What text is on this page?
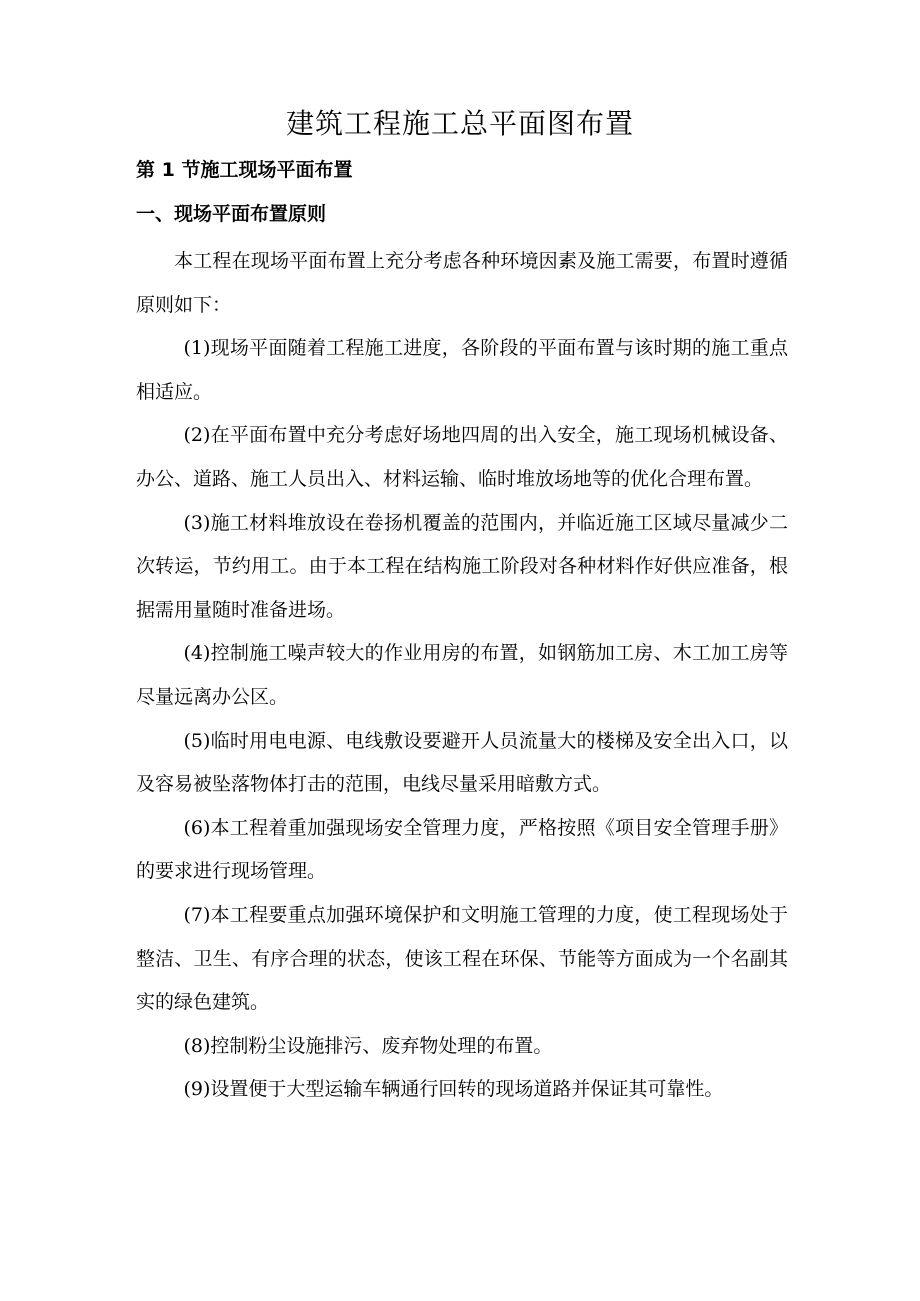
建筑工程施工总平面图布置
第 1 节施工现场平面布置
一、现场平面布置原则

本工程在现场平面布置上充分考虑各种环境因素及施工需要，布置时遵循原则如下：

(1)现场平面随着工程施工进度，各阶段的平面布置与该时期的施工重点相适应。

(2)在平面布置中充分考虑好场地四周的出入安全，施工现场机械设备、办公、道路、施工人员出入、材料运输、临时堆放场地等的优化合理布置。

(3)施工材料堆放设在卷扬机覆盖的范围内，并临近施工区域尽量减少二次转运，节约用工。由于本工程在结构施工阶段对各种材料作好供应准备，根据需用量随时准备进场。

(4)控制施工噪声较大的作业用房的布置，如钢筋加工房、木工加工房等尽量远离办公区。

(5)临时用电电源、电线敷设要避开人员流量大的楼梯及安全出入口，以及容易被坠落物体打击的范围，电线尽量采用暗敷方式。

(6)本工程着重加强现场安全管理力度，严格按照《项目安全管理手册》的要求进行现场管理。

(7)本工程要重点加强环境保护和文明施工管理的力度，使工程现场处于整洁、卫生、有序合理的状态，使该工程在环保、节能等方面成为一个名副其实的绿色建筑。

(8)控制粉尘设施排污、废弃物处理的布置。

(9)设置便于大型运输车辆通行回转的现场道路并保证其可靠性。
